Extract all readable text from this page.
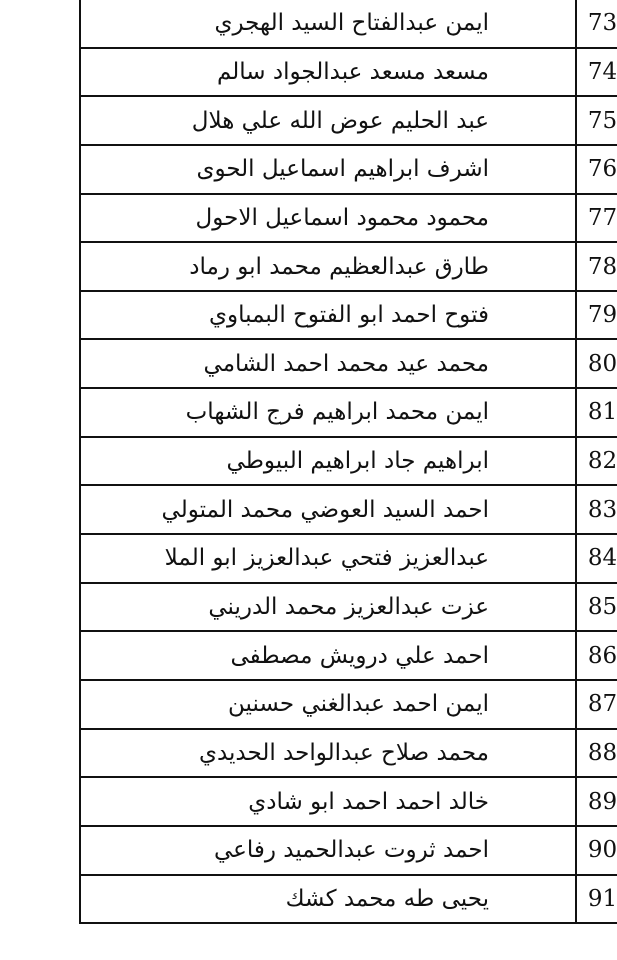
ايمن عبدالفتاح السيد الهجري	73
مسعد مسعد عبدالجواد سالم	74
عبد الحليم عوض الله علي هلال	75
اشرف ابراهيم اسماعيل الحوى	76
محمود محمود اسماعيل الاحول	77
طارق عبدالعظيم محمد ابو رماد	78
فتوح احمد ابو الفتوح البمباوي	79
محمد عيد محمد احمد الشامي	80
ايمن محمد ابراهيم فرج الشهاب	81
ابراهيم جاد ابراهيم البيوطي	82
احمد السيد العوضي محمد المتولي	83
عبدالعزيز فتحي عبدالعزيز ابو الملا	84
عزت عبدالعزيز محمد الدريني	85
احمد علي درويش مصطفى	86
ايمن احمد عبدالغني حسنين	87
محمد صلاح عبدالواحد الحديدي	88
خالد احمد احمد ابو شادي	89
احمد ثروت عبدالحميد رفاعي	90
يحيى طه محمد كشك	91
